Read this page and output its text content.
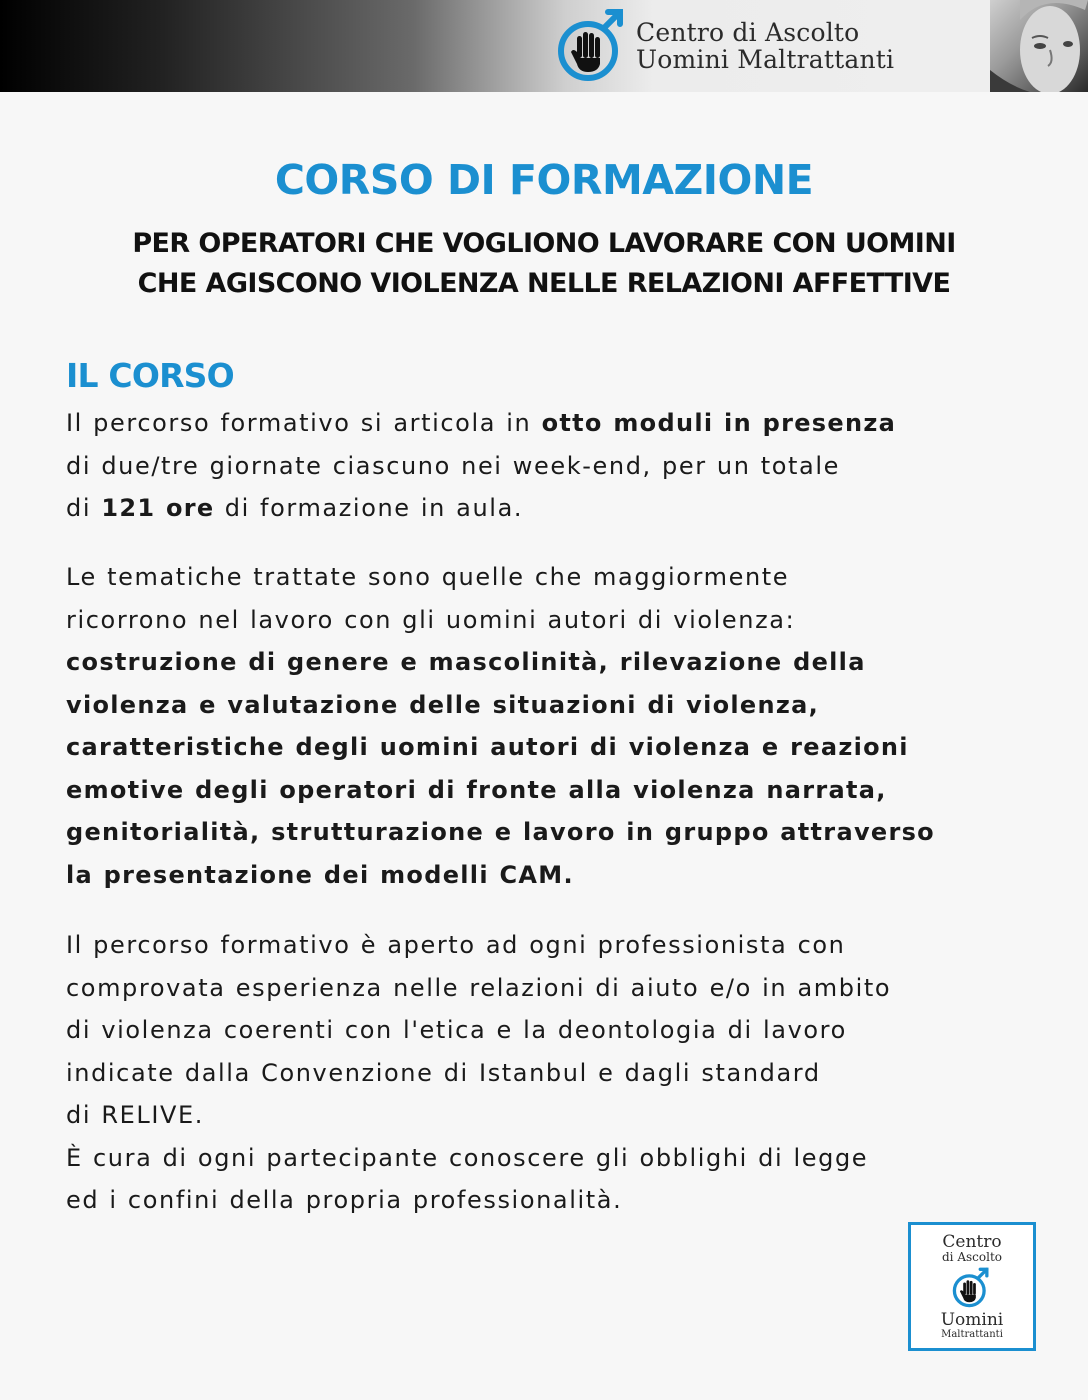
Centro di Ascolto
Uomini Maltrattanti
CORSO DI FORMAZIONE
PER OPERATORI CHE VOGLIONO LAVORARE CON UOMINI
CHE AGISCONO VIOLENZA NELLE RELAZIONI AFFETTIVE
IL CORSO
Il percorso formativo si articola in otto moduli in presenza
di due/tre giornate ciascuno nei week-end, per un totale
di 121 ore di formazione in aula.
Le tematiche trattate sono quelle che maggiormente
ricorrono nel lavoro con gli uomini autori di violenza:
costruzione di genere e mascolinità, rilevazione della
violenza e valutazione delle situazioni di violenza,
caratteristiche degli uomini autori di violenza e reazioni
emotive degli operatori di fronte alla violenza narrata,
genitorialità, strutturazione e lavoro in gruppo attraverso
la presentazione dei modelli CAM.
Il percorso formativo è aperto ad ogni professionista con
comprovata esperienza nelle relazioni di aiuto e/o in ambito
di violenza coerenti con l'etica e la deontologia di lavoro
indicate dalla Convenzione di Istanbul e dagli standard
di RELIVE.
È cura di ogni partecipante conoscere gli obblighi di legge
ed i confini della propria professionalità.
Centro
di Ascolto
Uomini
Maltrattanti
